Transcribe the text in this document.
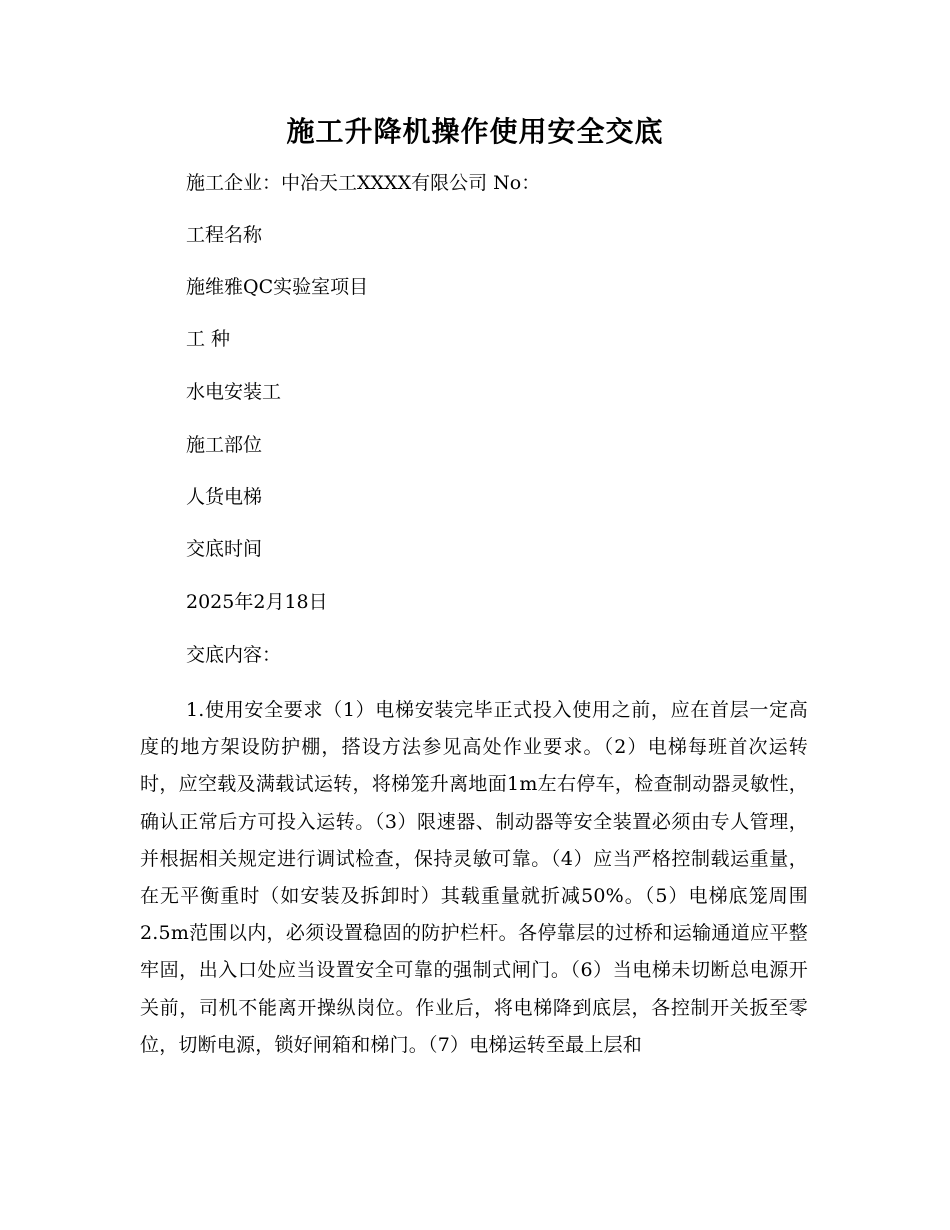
施工升降机操作使用安全交底
施工企业：中冶天工XXXX有限公司 No：
工程名称
施维雅QC实验室项目
工 种
水电安装工
施工部位
人货电梯
交底时间
2025年2月18日
交底内容：
1.使用安全要求（1）电梯安装完毕正式投入使用之前，应在首层一定高度的地方架设防护棚，搭设方法参见高处作业要求。（2）电梯每班首次运转时，应空载及满载试运转，将梯笼升离地面1m左右停车，检查制动器灵敏性，确认正常后方可投入运转。（3）限速器、制动器等安全装置必须由专人管理，并根据相关规定进行调试检查，保持灵敏可靠。（4）应当严格控制载运重量，在无平衡重时（如安装及拆卸时）其载重量就折减50%。（5）电梯底笼周围2.5m范围以内，必须设置稳固的防护栏杆。各停靠层的过桥和运输通道应平整牢固，出入口处应当设置安全可靠的强制式闸门。（6）当电梯未切断总电源开关前，司机不能离开操纵岗位。作业后，将电梯降到底层，各控制开关扳至零位，切断电源，锁好闸箱和梯门。（7）电梯运转至最上层和
